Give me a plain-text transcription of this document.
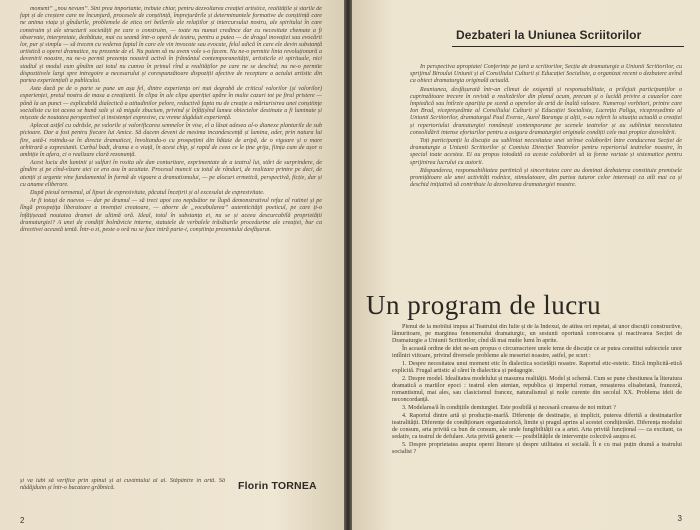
moment” „nou nevum”. Sînt prea importante, trebuie chiar, pentru dezvoltarea creației artistice, realitățile și starile de fapt și de creștere care ne încunjură, procesele de conștiință, împrejurările și determinantele formative de conștiință care ne anima viața și gîndurile, problemele de etica ori beilerile ale relațiilor și intercursului nostru, ale spiritului în care construim și ale structurii societății pe care o construim, — toate nu numai credince dar cu necesitate chemate a fi observate, interpretate, dezbătute, mai cu seamă într-o operă de teatru, pentru a putea — de dragul inovației sau evocării lor, pur și simplu — să trecem cu vederea faptul în care ele vin invocate sau evocate, felul adică în care ele devin substanță artistică a operei dramatice, nu prezente de el. Nu putem să nu avem vole s-o facem. Nu ne-o permite linia revoluționară a devenirii noastre, nu ne-o permit prezența noastră activă în frământul contemporaneității, artisticile ei spirituale, nici stadiul și modul cum gîndim azi totul nu cumva în primul rînd a realităților pe care ne se deschid; nu ne-o permite dispozitivele largi spre intregoire a necesarului și corespunzătoare dispoziții afective de receptare a actului artistic din partea experiențiali a publicului.

Asta dacă pe de o parte se pune un așa fel, dintre experiența ori mai degrabă de criticul valorilor (și valorilor) experienței, pretul nostru de masa a creațiunii. În clipa în ale clipa apariției apăre în multe cazuri tot pe firul pristere — până la un punct — explicabilă dialectică a atitudinilor pelore, reductivă fapta nu de creație a mărturisirea unei conștiințe socialiste cu tot aceea se bună sale și să migule zbucium, privind și înfățișînd lumea obiectelor destinate a fi luminate și mișcate de noutatea perspectivei și insistenței expresive, cu vreme tăgăduit experiență.

Aplecat astfel cu odrăsle, pe valorile și valorificarea semnelor în vise, el a lăsat adesea al-o dianexe planturile de sub picioare. Dar a fost pentru fiecare lui Amice. Să ducem deveni de mesima incandescență și lumina, ader, prin natura lui fire, astă-i rotindu-se în directe dramaticei, învoltandu-o cu prospețimi din bătaie de aripă, de o vigoare și o mare arbitrară a expresiunii. Curbul badi, drama e o viață, în acest chip, și rapid de ceea ce le ține grija, ființa cum de ușor o ambiție în afara, ci o realizare clară rezonanță.

Acest luciu din luminii și sulfuri în rosita ale dan conturitare, exprimentate de a teatrul lui, stări de surprindere, de gîndire și pe cînd-vîzare aici ce era asu în acuitate. Procesul muncii cu totul de rânduri, de realizare printre pe deci, de atenții și urgente vine fundamental în formă de vigoare a dramatismului, — pe alocuri ermetică, perspectivă, ficție, dar și cu anume eliberare.

După piesul termenul, al lipsei de expresivitate, păcatul încețirii și al excesului de expresivitate.

Ar fi totuși de nuevos — dar pe drumul — să treci apoi ceo nepăsător ne îlupă demonstrativul refuz al rutinei și pe lîngă prospețiţa liberatoare a invenției creatoare, — aborre de „vocabularea” autenticităţii poeticul, pe care ți-o înfățișează noutatea dramei de ultimă oră. Ideal, totul în substanța ei, nu se și aceea descurcabilă proprietății dramaturgiei? A unei de condiții bolnăvicie interne, statutele de verbalele trăsăturile procedurine ale creației, bur ca directivei această tentă. Într-o zi, peste o oră nu se face intră parte-i, conștiința prezentului desfășurat.

și va iubi să verifice prin spinul și ai cuvântului al al. Stăpânire în artă. Să nădăjduim și într-o bucatare grăbnică.	Florin TORNEA
2
Dezbateri la Uniunea Scriitorilor

În perspectiva apropiatei Conferințe pe țară a scriitorilor, Secția de dramaturgie a Uniunii Scriitorilor, cu sprijinul Biroului Uniunii și al Consiliului Culturii și Educației Socialiste, a organizat recent o dezbatere avînd ca obiect dramaturgia originală actuală.

Reuniunea, desfășurată într-un climat de exigență și responsabilitate, a prilejuit participanților o cuprinzătoare trecere în revistă a realizărilor din planul acum, precum și o lucidă privire a cauzelor care împiedică sau întîrzie apariția pe scenă a operelor de artă de înaltă valoare. Numeroși vorbitori, printre care Ion Brad, vicepreședinte al Consiliului Culturii și Educației Socialiste, Lucreția Paliga, vicepreședinte al Uniunii Scriitorilor, dramaturgul Paul Everac, Aurel Baranga și alții, s-au referit la situația actuală a creației și repertoriului dramaturgiei românești contemporane pe scenele teatrelor și au subliniat necesitatea consolidării intense eforturilor pentru a asigura dramaturgiei originale condiții cele mai propice dezvoltării.

Toți participanții la discuție au subliniat necesitatea unei strînse colaborări între conducerea Secției de dramaturgie a Uniunii Scriitorilor și Comisia Direcției Teatrelor pentru repertoriul teatrelor noastre, în special toate acestea. Ei au propus totodată ca aceste colaborări să ia forme variate și sistematice pentru sprijinirea lucrului cu autorii.

Răspunderea, responsabilitatea partinică și sinceritatea care au dominat dezbaterea constituie premisele promițătoare ale unei activități rodnice, stimulatoare, din partea tuturor celor interesați ca atît mai ca și deschid inițiativă să contribuie la dezvoltarea dramaturgiei noastre.

Un program de lucru

Plenul de la mobilul impus al Teatrului din Iulie și de la Indexul, de atîtea ori repetat, al unor discuții constructive, lămuritoare, pe marginea fenomenului dramaturgic, un sesiunii oportună convocarea și reactivarea Secției de Dramaturgie a Uniunii Scriitorilor, cînd dă mai multe lumi în aprite.

În această ordine de idei ne-am propus o circumscriere unele teme de discuție ce ar putea constitui subiectele unor intîlniri viitoare, privind diversele probleme ale meseriei noastre, astfel, pe scurt :

1. Despre necesitatea unui moment etic în dialectica societății noastre. Raportul etic-estetic. Etică implicită-etică explicită. Frugal artistic al cărei în dialectica și pedagogie.

2. Despre model. Idealitatea modelului și masurea realității. Model și schemă. Cum se pune chestiunea la literatura dramatică a mariilor epoci : teatrul elen atenian, republica și imperiul roman, renașterea elisabetană, franceză, romantismul, mai ales, sau clasicismul francez, naturalismul și noile curente din secolul XX. Problema ideii de neconcordanță.

3. Modelarea/ă în condițiile demiurgiei. Este posibilă și necesară crearea de noi mituri ?

4. Raportul dintre artă și producție-marfă. Diferențe de destinație, și implicit, puterea diferită a destinatarilor teatralității. Diferențe de condiționare organizatorică, limite și pragul aprins al acestei condiționări. Diferența modului de consum, arta privită ca bun de consum, ale unde fungibilității ca a artei. Arta privită funcțional — ca excitant, ca sedativ, ca teatrul de defulare. Arta privită generic — posibilitățile de intervenție colectivă asupra ei.

5. Despre proprietatea asupra operei literare și despre utilitatea ei socială. Îi e cu mai puțin dramă a teatrului socialist ?

3
